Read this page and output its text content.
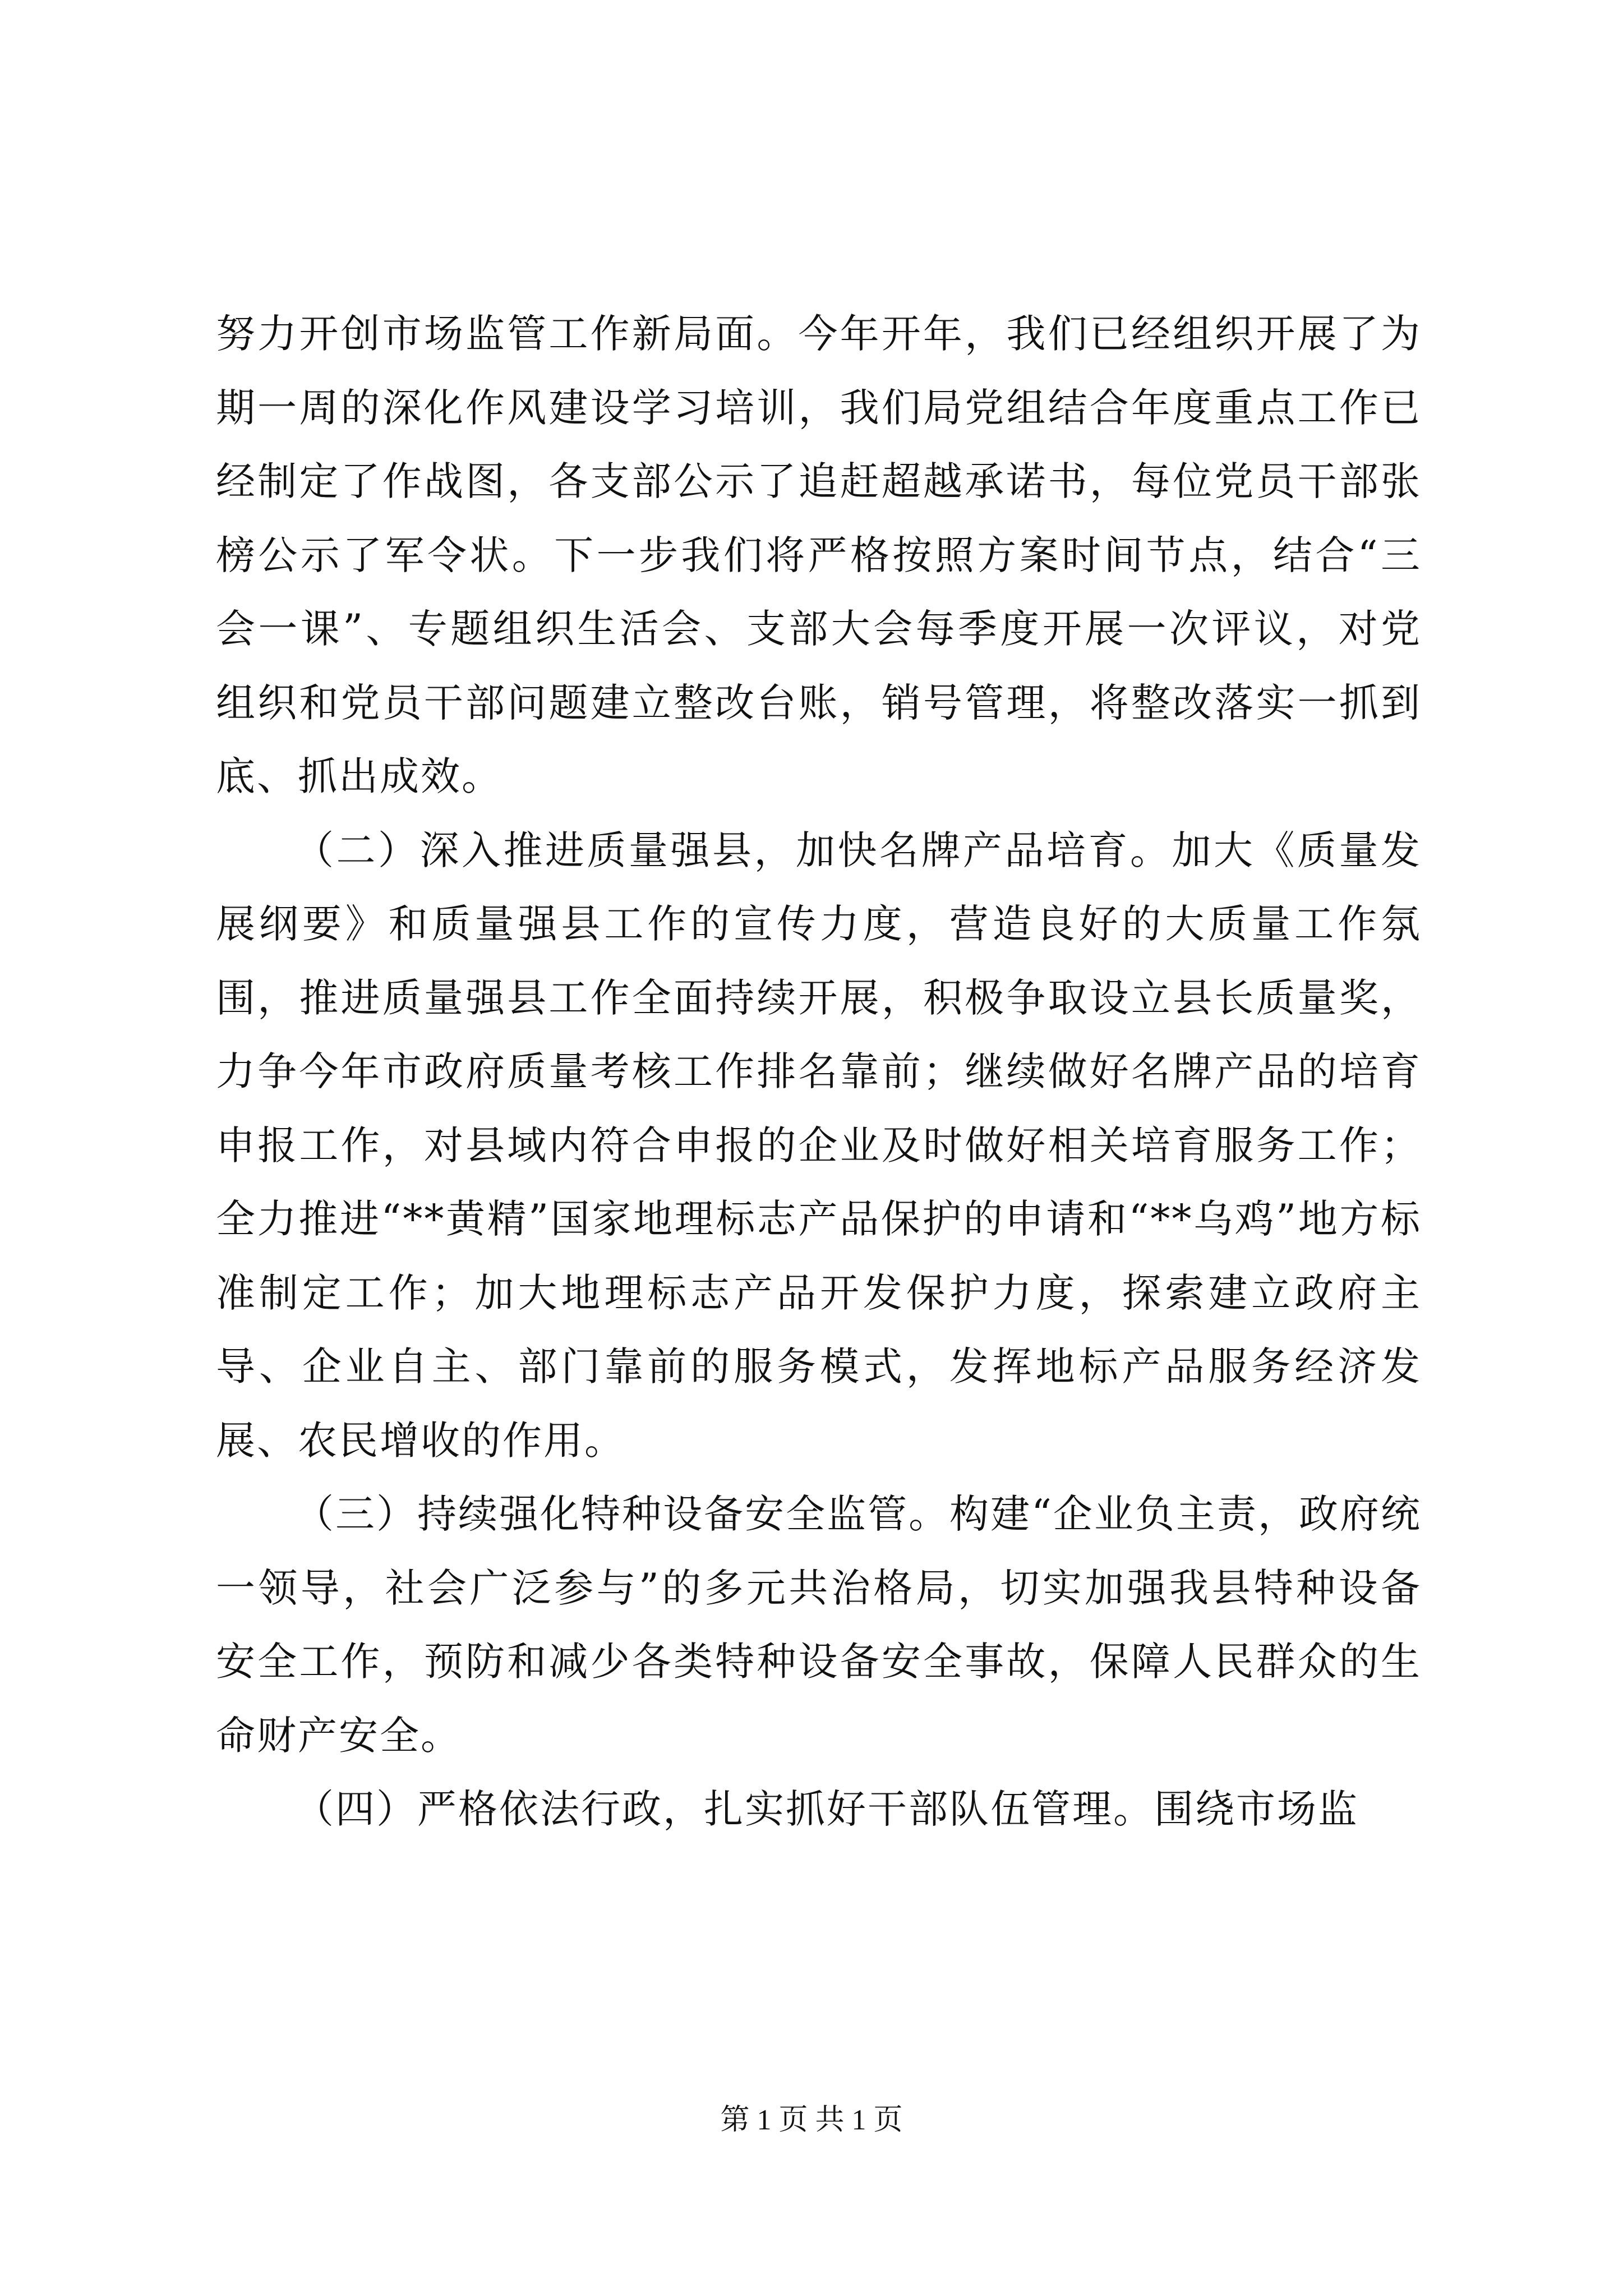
努力开创市场监管工作新局面。今年开年，我们已经组织开展了为期一周的深化作风建设学习培训，我们局党组结合年度重点工作已经制定了作战图，各支部公示了追赶超越承诺书，每位党员干部张榜公示了军令状。下一步我们将严格按照方案时间节点，结合“三会一课”、专题组织生活会、支部大会每季度开展一次评议，对党组织和党员干部问题建立整改台账，销号管理，将整改落实一抓到底、抓出成效。

（二）深入推进质量强县，加快名牌产品培育。加大《质量发展纲要》和质量强县工作的宣传力度，营造良好的大质量工作氛围，推进质量强县工作全面持续开展，积极争取设立县长质量奖，力争今年市政府质量考核工作排名靠前；继续做好名牌产品的培育申报工作，对县域内符合申报的企业及时做好相关培育服务工作；全力推进“**黄精”国家地理标志产品保护的申请和“**乌鸡”地方标准制定工作；加大地理标志产品开发保护力度，探索建立政府主导、企业自主、部门靠前的服务模式，发挥地标产品服务经济发展、农民增收的作用。

（三）持续强化特种设备安全监管。构建“企业负主责，政府统一领导，社会广泛参与”的多元共治格局，切实加强我县特种设备安全工作，预防和减少各类特种设备安全事故，保障人民群众的生命财产安全。

（四）严格依法行政，扎实抓好干部队伍管理。围绕市场监

第 1 页 共 1 页
